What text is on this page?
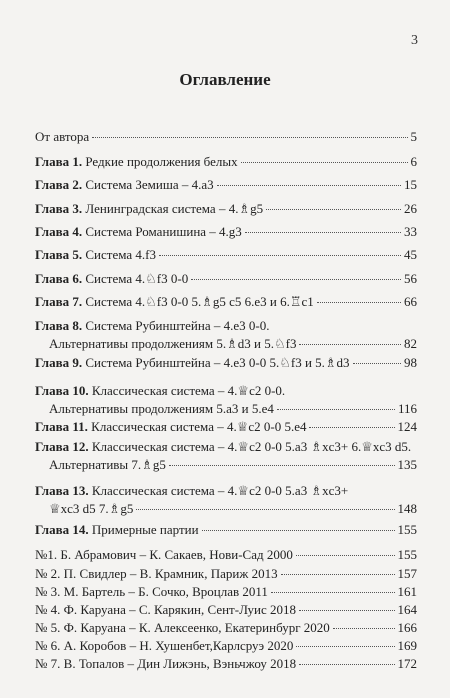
3
Оглавление
От автора	5
Глава 1. Редкие продолжения белых	6
Глава 2. Система Земиша – 4.a3	15
Глава 3. Ленинградская система – 4.♗g5	26
Глава 4. Система Романишина – 4.g3	33
Глава 5. Система 4.f3	45
Глава 6. Система 4.♘f3 0-0	56
Глава 7. Система 4.♘f3 0-0 5.♗g5 c5 6.e3 и 6.♖c1	66
Глава 8. Система Рубинштейна – 4.e3 0-0.
Альтернативы продолжениям 5.♗d3 и 5.♘f3	82
Глава 9. Система Рубинштейна – 4.e3 0-0 5.♘f3 и 5.♗d3	98
Глава 10. Классическая система – 4.♕c2 0-0.
Альтернативы продолжениям 5.a3 и 5.e4	116
Глава 11. Классическая система – 4.♕c2 0-0 5.e4	124
Глава 12. Классическая система – 4.♕c2 0-0 5.a3 ♗xc3+ 6.♕xc3 d5.
Альтернативы 7.♗g5	135
Глава 13. Классическая система – 4.♕c2 0-0 5.a3 ♗xc3+
♕xc3 d5 7.♗g5	148
Глава 14. Примерные партии	155
№1. Б. Абрамович – К. Сакаев, Нови-Сад 2000	155
№ 2. П. Свидлер – В. Крамник, Париж 2013	157
№ 3. М. Бартель – Б. Сочко, Вроцлав 2011	161
№ 4. Ф. Каруана – С. Карякин, Сент-Луис 2018	164
№ 5. Ф. Каруана – К. Алексеенко, Екатеринбург 2020	166
№ 6. А. Коробов – Н. Хушенбет,Карлсруэ 2020	169
№ 7. В. Топалов – Дин Лижэнь, Вэньчжоу 2018	172
